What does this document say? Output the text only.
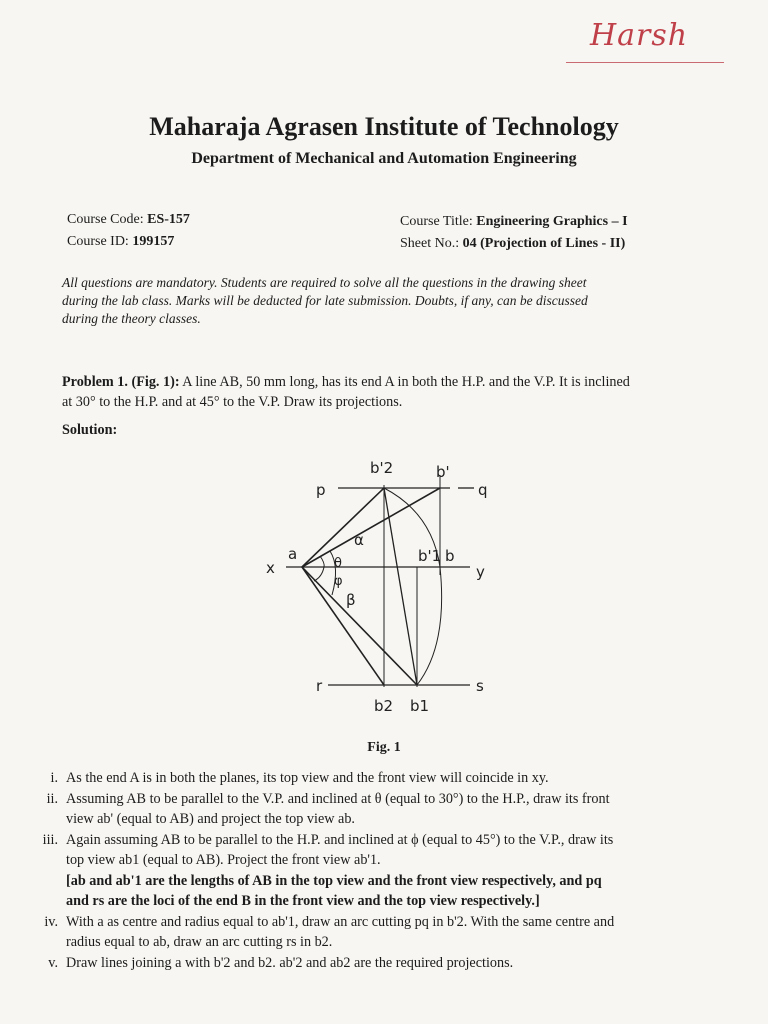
Harsh
Maharaja Agrasen Institute of Technology
Department of Mechanical and Automation Engineering
Course Code: ES-157
Course ID: 199157
Course Title: Engineering Graphics – I
Sheet No.: 04 (Projection of Lines - II)
All questions are mandatory. Students are required to solve all the questions in the drawing sheet
during the lab class. Marks will be deducted for late submission. Doubts, if any, can be discussed
during the theory classes.
Problem 1. (Fig. 1): A line AB, 50 mm long, has its end A in both the H.P. and the V.P. It is inclined
at 30° to the H.P. and at 45° to the V.P. Draw its projections.
Solution:
b'2	b'
p	q
x
a
y
b'1 b
α
θ
φ
β
r	s
b2 b1
Fig. 1
i. As the end A is in both the planes, its top view and the front view will coincide in xy.
ii. Assuming AB to be parallel to the V.P. and inclined at θ (equal to 30°) to the H.P., draw its front
view ab' (equal to AB) and project the top view ab.
iii. Again assuming AB to be parallel to the H.P. and inclined at ϕ (equal to 45°) to the V.P., draw its
top view ab1 (equal to AB). Project the front view ab'1.
[ab and ab'1 are the lengths of AB in the top view and the front view respectively, and pq
and rs are the loci of the end B in the front view and the top view respectively.]
iv. With a as centre and radius equal to ab'1, draw an arc cutting pq in b'2. With the same centre and
radius equal to ab, draw an arc cutting rs in b2.
v. Draw lines joining a with b'2 and b2. ab'2 and ab2 are the required projections.
